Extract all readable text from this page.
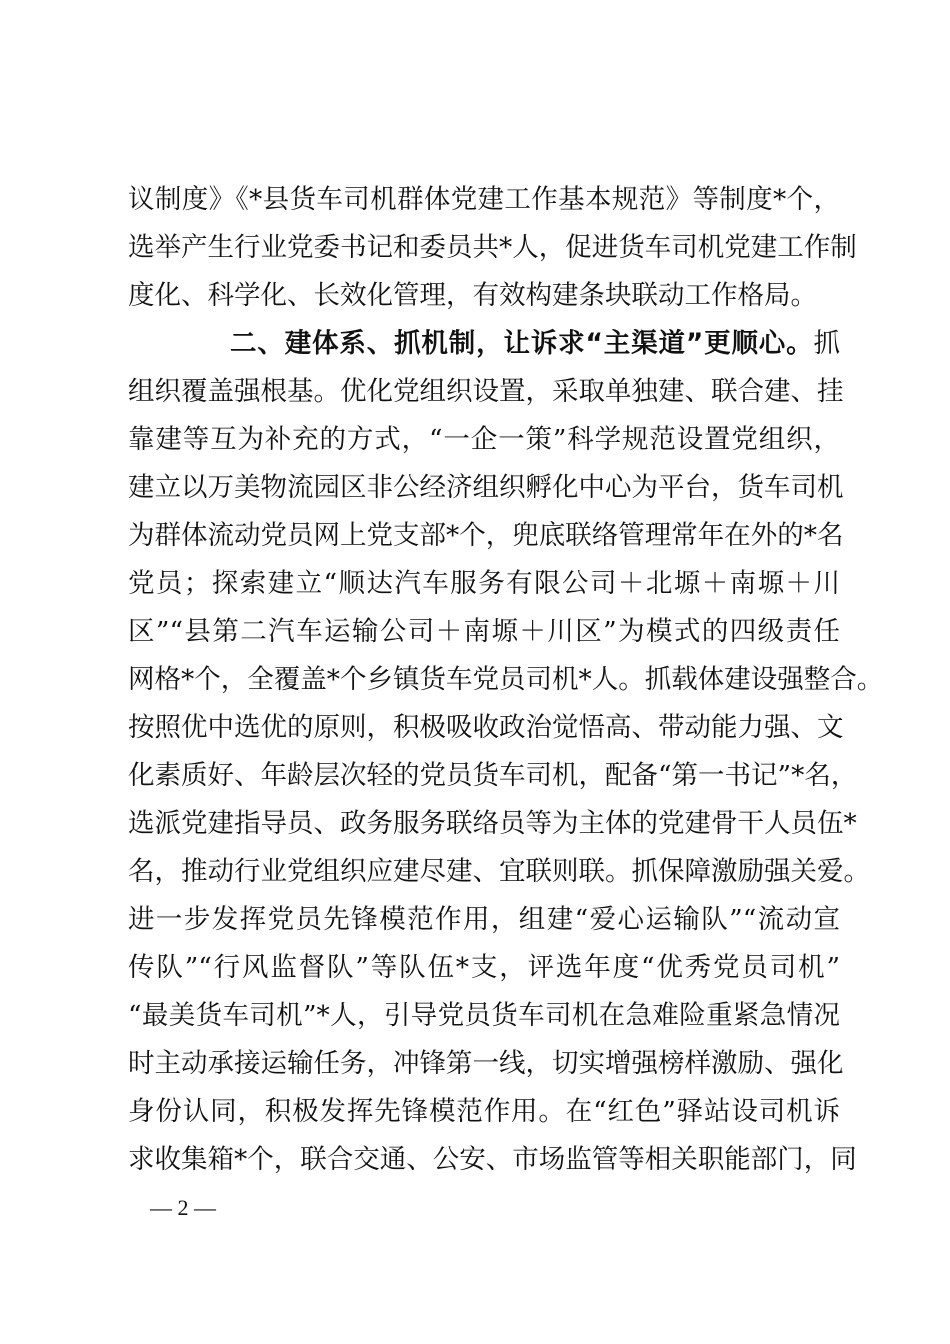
议制度》《*县货车司机群体党建工作基本规范》等制度*个，
选举产生行业党委书记和委员共*人，促进货车司机党建工作制
度化、科学化、长效化管理，有效构建条块联动工作格局。
二、建体系、抓机制，让诉求“主渠道”更顺心。抓
组织覆盖强根基。优化党组织设置，采取单独建、联合建、挂
靠建等互为补充的方式，“一企一策”科学规范设置党组织，
建立以万美物流园区非公经济组织孵化中心为平台，货车司机
为群体流动党员网上党支部*个，兜底联络管理常年在外的*名
党员；探索建立“顺达汽车服务有限公司＋北塬＋南塬＋川
区”“县第二汽车运输公司＋南塬＋川区”为模式的四级责任
网格*个，全覆盖*个乡镇货车党员司机*人。抓载体建设强整合。
按照优中选优的原则，积极吸收政治觉悟高、带动能力强、文
化素质好、年龄层次轻的党员货车司机，配备“第一书记”*名，
选派党建指导员、政务服务联络员等为主体的党建骨干人员伍*
名，推动行业党组织应建尽建、宜联则联。抓保障激励强关爱。
进一步发挥党员先锋模范作用，组建“爱心运输队”“流动宣
传队”“行风监督队”等队伍*支，评选年度“优秀党员司机”
“最美货车司机”*人，引导党员货车司机在急难险重紧急情况
时主动承接运输任务，冲锋第一线，切实增强榜样激励、强化
身份认同，积极发挥先锋模范作用。在“红色”驿站设司机诉
求收集箱*个，联合交通、公安、市场监管等相关职能部门，同
— 2 —
